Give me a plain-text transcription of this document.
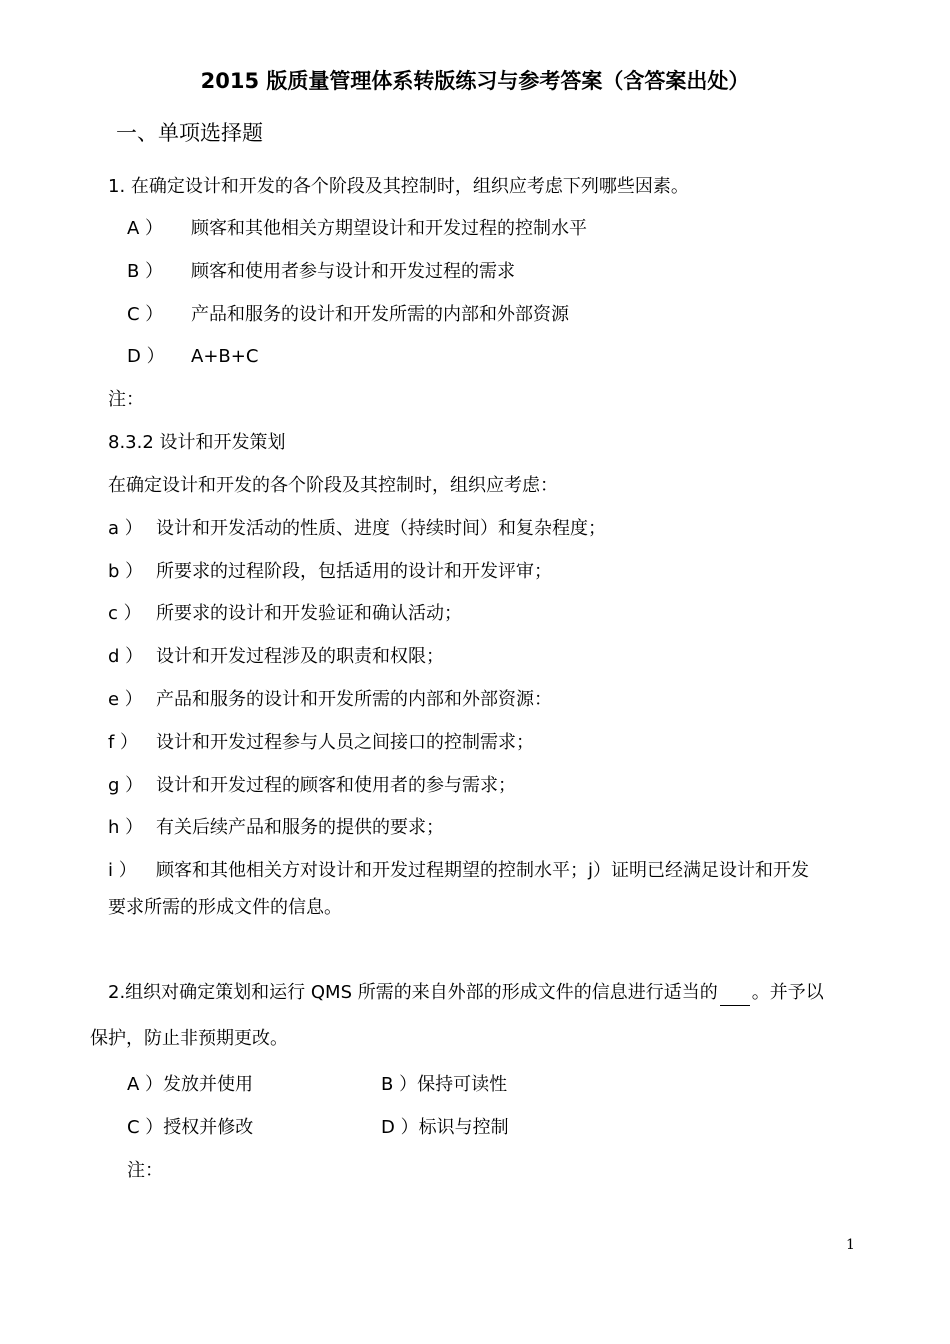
2015 版质量管理体系转版练习与参考答案（含答案出处）
一、单项选择题
1. 在确定设计和开发的各个阶段及其控制时，组织应考虑下列哪些因素。
A ） 顾客和其他相关方期望设计和开发过程的控制水平
B ） 顾客和使用者参与设计和开发过程的需求
C ） 产品和服务的设计和开发所需的内部和外部资源
D ） A+B+C
注：
8.3.2 设计和开发策划
在确定设计和开发的各个阶段及其控制时，组织应考虑：
a ） 设计和开发活动的性质、进度（持续时间）和复杂程度；
b ） 所要求的过程阶段，包括适用的设计和开发评审；
c ） 所要求的设计和开发验证和确认活动；
d ） 设计和开发过程涉及的职责和权限；
e ） 产品和服务的设计和开发所需的内部和外部资源：
f ） 设计和开发过程参与人员之间接口的控制需求；
g ） 设计和开发过程的顾客和使用者的参与需求；
h ） 有关后续产品和服务的提供的要求；
i ） 顾客和其他相关方对设计和开发过程期望的控制水平；j）证明已经满足设计和开发
要求所需的形成文件的信息。
2.组织对确定策划和运行 QMS 所需的来自外部的形成文件的信息进行适当的 。并予以
保护，防止非预期更改。
A ）发放并使用	B ）保持可读性
C ）授权并修改	D ）标识与控制
注：
1
